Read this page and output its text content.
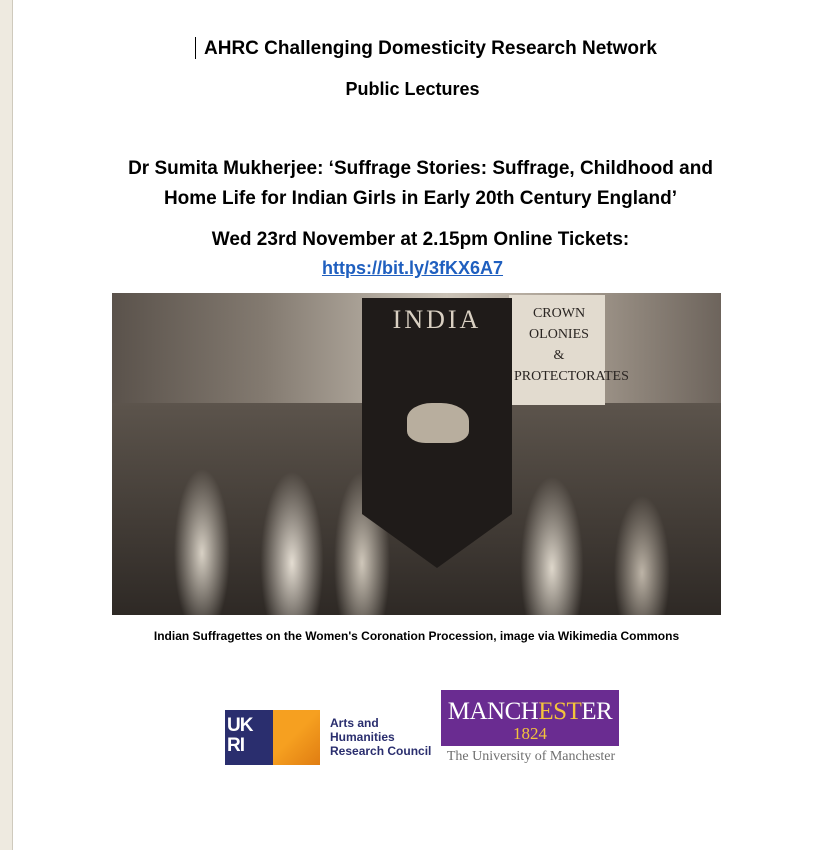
AHRC Challenging Domesticity Research Network
Public Lectures
Dr Sumita Mukherjee: ‘Suffrage Stories: Suffrage, Childhood and
Home Life for Indian Girls in Early 20th Century England’
Wed 23rd November at 2.15pm Online Tickets:
https://bit.ly/3fKX6A7
CROWN
OLONIES
&
PROTECTORATES
INDIA
Indian Suffragettes on the Women's Coronation Procession, image via Wikimedia Commons
UK RI
Arts and
Humanities
Research Council
MANCHESTER
1824
The University of Manchester
